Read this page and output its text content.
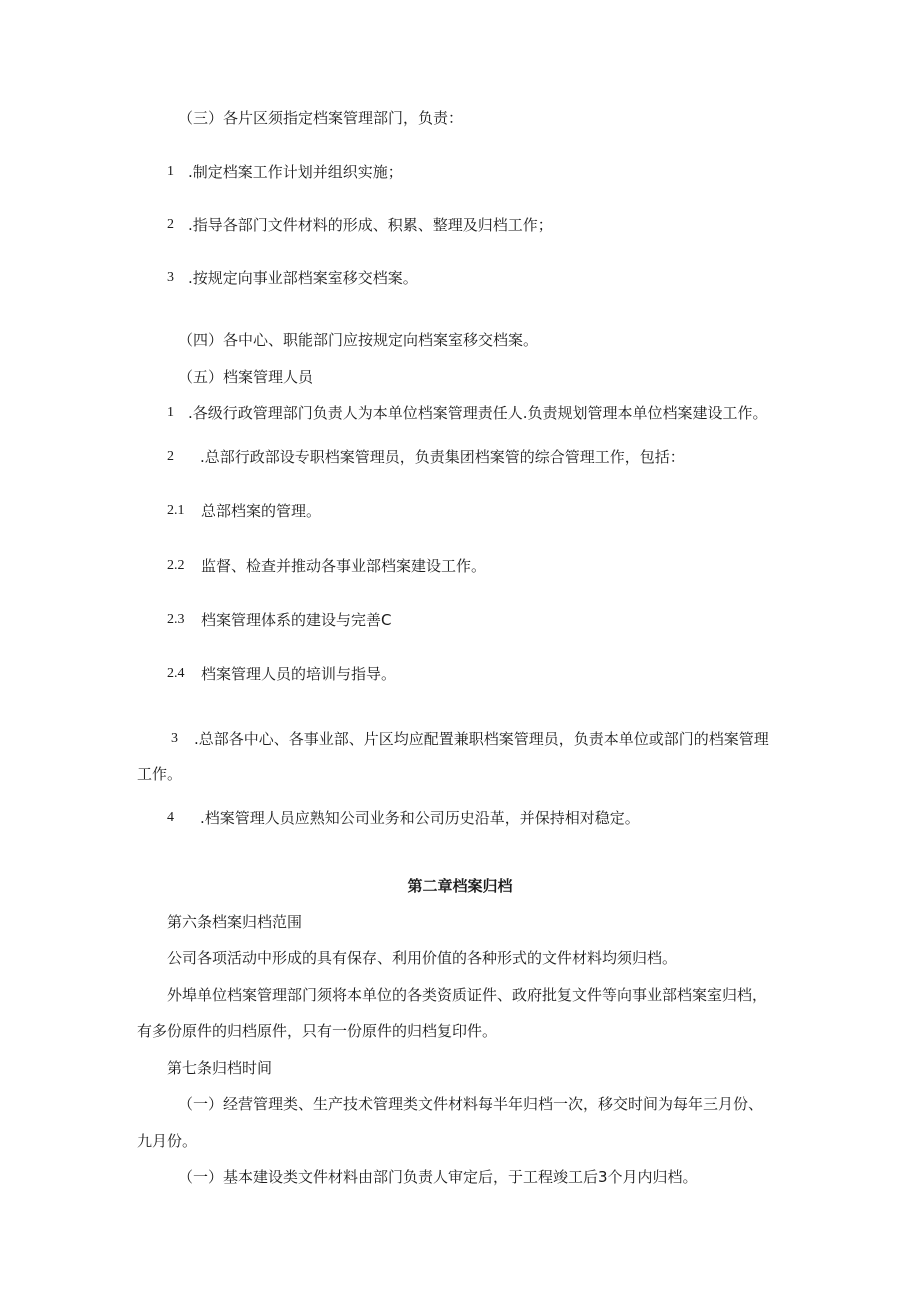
（三）各片区须指定档案管理部门，负责：
1 .制定档案工作计划并组织实施；
2 .指导各部门文件材料的形成、积累、整理及归档工作；
3 .按规定向事业部档案室移交档案。
（四）各中心、职能部门应按规定向档案室移交档案。
（五）档案管理人员
1 .各级行政管理部门负责人为本单位档案管理责任人.负责规划管理本单位档案建设工作。
2 .总部行政部设专职档案管理员，负责集团档案管的综合管理工作，包括：
2.1 总部档案的管理。
2.2 监督、检查并推动各事业部档案建设工作。
2.3 档案管理体系的建设与完善C
2.4 档案管理人员的培训与指导。
3 .总部各中心、各事业部、片区均应配置兼职档案管理员，负责本单位或部门的档案管理
工作。
4 .档案管理人员应熟知公司业务和公司历史沿革，并保持相对稳定。
第二章档案归档
第六条档案归档范围
公司各项活动中形成的具有保存、利用价值的各种形式的文件材料均须归档。
外埠单位档案管理部门须将本单位的各类资质证件、政府批复文件等向事业部档案室归档，
有多份原件的归档原件，只有一份原件的归档复印件。
第七条归档时间
（一）经营管理类、生产技术管理类文件材料每半年归档一次，移交时间为每年三月份、
九月份。
（一）基本建设类文件材料由部门负责人审定后，于工程竣工后3个月内归档。
